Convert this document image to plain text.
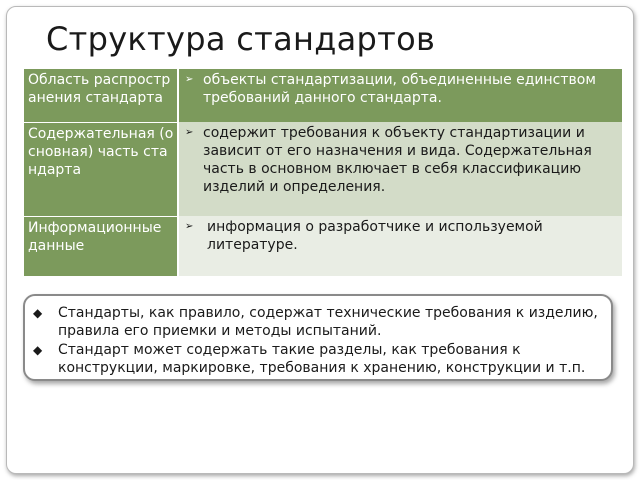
Структура стандартов
Область распространения стандарта	➢ объекты стандартизации, объединенные единством требований данного стандарта.

Содержательная (основная) часть стандарта	➢ содержит требования к объекту стандартизации и зависит от его назначения и вида. Содержательная часть в основном включает в себя классификацию изделий и определения.

Информационные данные	➢ информация о разработчике и используемой литературе.
◆	Стандарты, как правило, содержат технические требования к изделию, правила его приемки и методы испытаний.
◆	Стандарт может содержать такие разделы, как требования к конструкции, маркировке, требования к хранению, конструкции и т.п.
